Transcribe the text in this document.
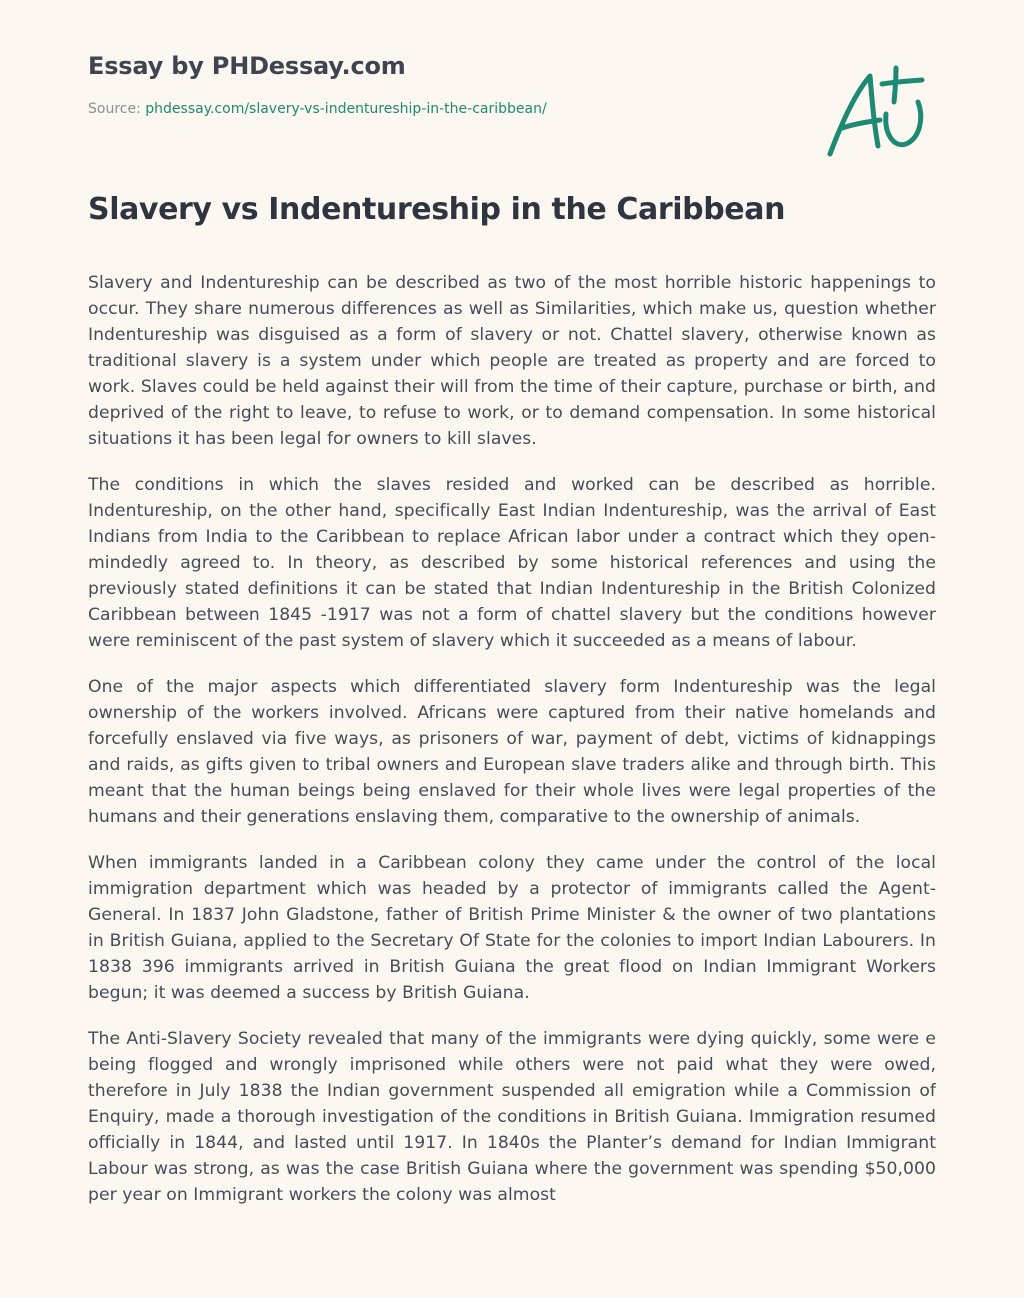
Essay by PHDessay.com
Source: phdessay.com/slavery-vs-indentureship-in-the-caribbean/
Slavery vs Indentureship in the Caribbean

Slavery and Indentureship can be described as two of the most horrible historic happenings to occur. They share numerous differences as well as Similarities, which make us, question whether Indentureship was disguised as a form of slavery or not. Chattel slavery, otherwise known as traditional slavery is a system under which people are treated as property and are forced to work. Slaves could be held against their will from the time of their capture, purchase or birth, and deprived of the right to leave, to refuse to work, or to demand compensation. In some historical situations it has been legal for owners to kill slaves.

The conditions in which the slaves resided and worked can be described as horrible. Indentureship, on the other hand, specifically East Indian Indentureship, was the arrival of East Indians from India to the Caribbean to replace African labor under a contract which they open-mindedly agreed to. In theory, as described by some historical references and using the previously stated definitions it can be stated that Indian Indentureship in the British Colonized Caribbean between 1845 -1917 was not a form of chattel slavery but the conditions however were reminiscent of the past system of slavery which it succeeded as a means of labour.

One of the major aspects which differentiated slavery form Indentureship was the legal ownership of the workers involved. Africans were captured from their native homelands and forcefully enslaved via five ways, as prisoners of war, payment of debt, victims of kidnappings and raids, as gifts given to tribal owners and European slave traders alike and through birth. This meant that the human beings being enslaved for their whole lives were legal properties of the humans and their generations enslaving them, comparative to the ownership of animals.

When immigrants landed in a Caribbean colony they came under the control of the local immigration department which was headed by a protector of immigrants called the Agent-General. In 1837 John Gladstone, father of British Prime Minister & the owner of two plantations in British Guiana, applied to the Secretary Of State for the colonies to import Indian Labourers. In 1838 396 immigrants arrived in British Guiana the great flood on Indian Immigrant Workers begun; it was deemed a success by British Guiana.

The Anti-Slavery Society revealed that many of the immigrants were dying quickly, some were e being flogged and wrongly imprisoned while others were not paid what they were owed, therefore in July 1838 the Indian government suspended all emigration while a Commission of Enquiry, made a thorough investigation of the conditions in British Guiana. Immigration resumed officially in 1844, and lasted until 1917. In 1840s the Planter’s demand for Indian Immigrant Labour was strong, as was the case British Guiana where the government was spending $50,000 per year on Immigrant workers the colony was almost
